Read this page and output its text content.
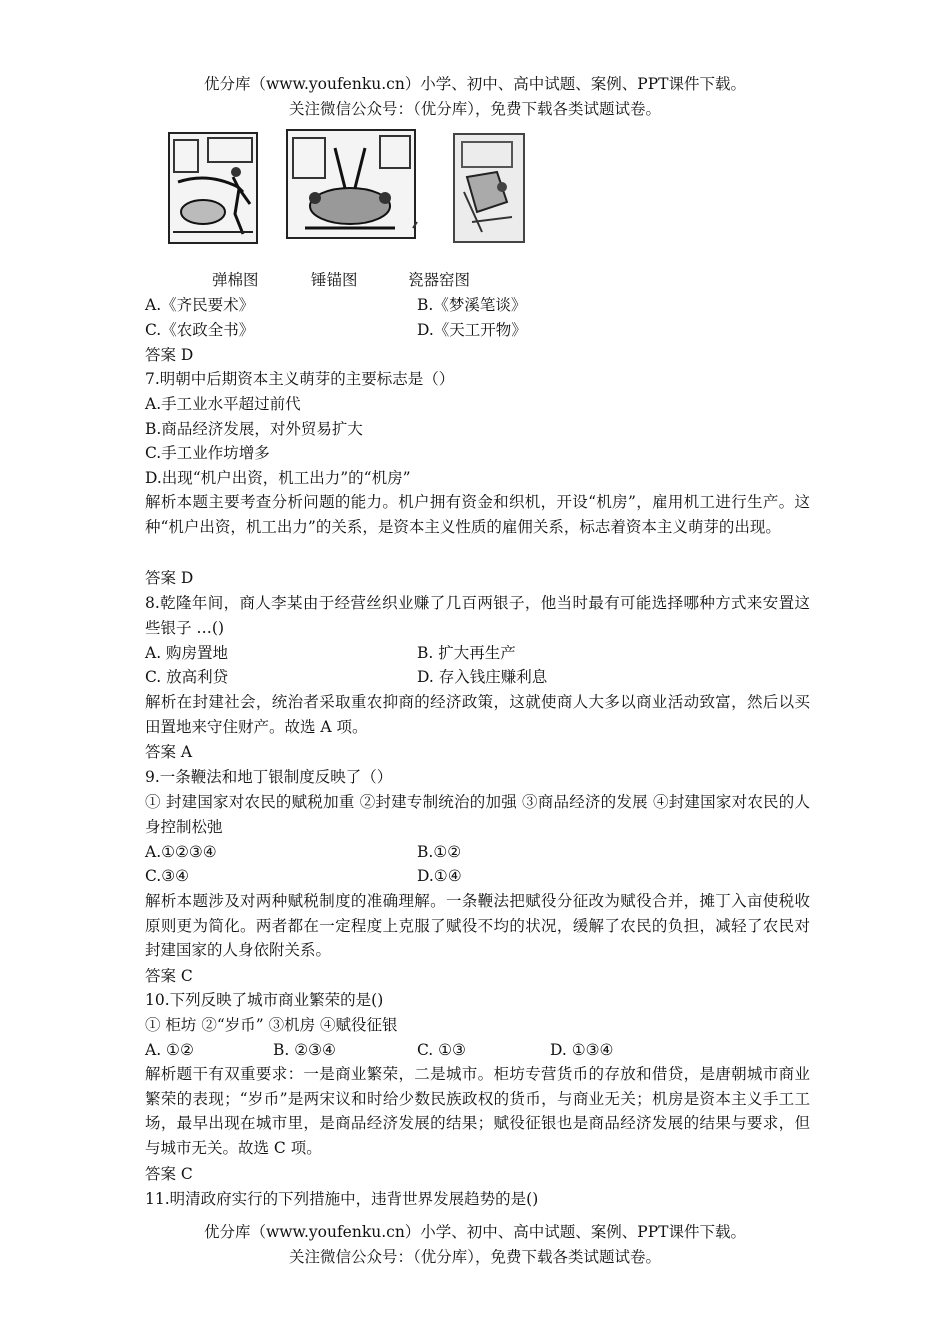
优分库（www.youfenku.cn）小学、初中、高中试题、案例、PPT课件下载。
关注微信公众号：（优分库），免费下载各类试题试卷。
弹棉图	锤锚图	瓷器窑图
A.《齐民要术》	B.《梦溪笔谈》
C.《农政全书》	D.《天工开物》
答案 D
7.明朝中后期资本主义萌芽的主要标志是（）
A.手工业水平超过前代
B.商品经济发展，对外贸易扩大
C.手工业作坊增多
D.出现“机户出资，机工出力”的“机房”
解析本题主要考查分析问题的能力。机户拥有资金和织机，开设“机房”，雇用机工进行生产。这种“机户出资，机工出力”的关系，是资本主义性质的雇佣关系，标志着资本主义萌芽的出现。
答案 D
8.乾隆年间，商人李某由于经营丝织业赚了几百两银子，他当时最有可能选择哪种方式来安置这些银子 …()
A. 购房置地	B. 扩大再生产
C. 放高利贷	D. 存入钱庄赚利息
解析在封建社会，统治者采取重农抑商的经济政策，这就使商人大多以商业活动致富，然后以买田置地来守住财产。故选 A 项。
答案 A
9.一条鞭法和地丁银制度反映了（）
① 封建国家对农民的赋税加重 ②封建专制统治的加强 ③商品经济的发展 ④封建国家对农民的人身控制松弛
A.①②③④	B.①②
C.③④	D.①④
解析本题涉及对两种赋税制度的准确理解。一条鞭法把赋役分征改为赋役合并，摊丁入亩使税收原则更为简化。两者都在一定程度上克服了赋役不均的状况，缓解了农民的负担，减轻了农民对封建国家的人身依附关系。
答案 C
10.下列反映了城市商业繁荣的是()
① 柜坊 ②“岁币” ③机房 ④赋役征银
A. ①②	B. ②③④	C. ①③	D. ①③④
解析题干有双重要求：一是商业繁荣，二是城市。柜坊专营货币的存放和借贷，是唐朝城市商业繁荣的表现；“岁币”是两宋议和时给少数民族政权的货币，与商业无关；机房是资本主义手工工场，最早出现在城市里，是商品经济发展的结果；赋役征银也是商品经济发展的结果与要求，但与城市无关。故选 C 项。
答案 C
11.明清政府实行的下列措施中，违背世界发展趋势的是()
优分库（www.youfenku.cn）小学、初中、高中试题、案例、PPT课件下载。
关注微信公众号：（优分库），免费下载各类试题试卷。
